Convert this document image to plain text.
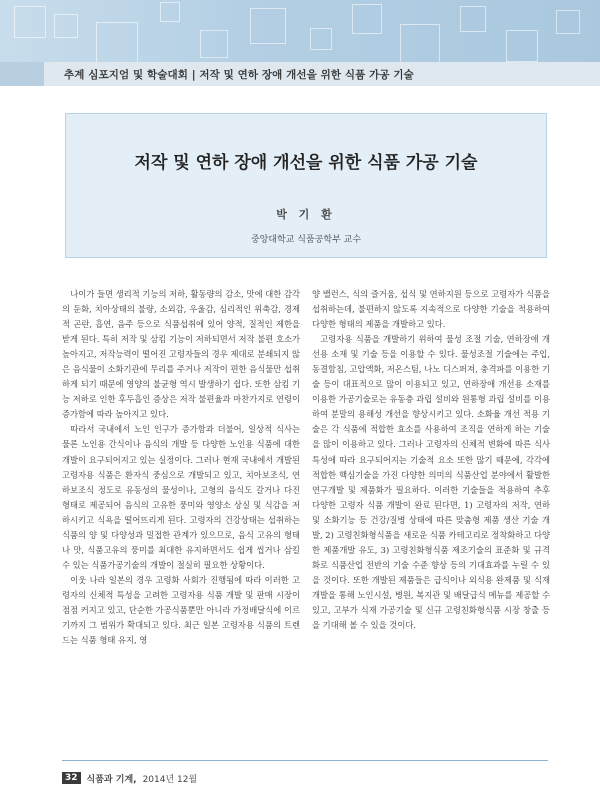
추계 심포지엄 및 학술대회 | 저작 및 연하 장애 개선을 위한 식품 가공 기술
저작 및 연하 장애 개선을 위한 식품 가공 기술
박 기 환
중앙대학교 식품공학부 교수

나이가 들면 생리적 기능의 저하, 활동량의 감소, 맛에 대한 감각의 둔화, 치아상태의 불량, 소외감, 우울감, 심리적인 위축감, 경제적 곤란, 흡연, 음주 등으로 식품섭취에 있어 양적, 질적인 제한을 받게 된다. 특히 저작 및 삼킴 기능이 저하되면서 저작 불편 호소가 높아지고, 저작능력이 떨어진 고령자들의 경우 제대로 분쇄되지 않은 음식물이 소화기관에 무리를 주거나 저작이 편한 음식물만 섭취하게 되기 때문에 영양의 불균형 역시 발생하기 쉽다. 또한 삼킴 기능 저하로 인한 후두흡인 증상은 저작 불편율과 마찬가지로 연령이 증가함에 따라 높아지고 있다.

따라서 국내에서 노인 인구가 증가함과 더불어, 일상적 식사는 물론 노인용 간식이나 음식의 개발 등 다양한 노인용 식품에 대한 개발이 요구되어지고 있는 실정이다. 그러나 현재 국내에서 개발된 고령자용 식품은 환자식 중심으로 개발되고 있고, 치아보조식, 연하보조식 정도로 유동성의 물성이나, 고형의 음식도 갈거나 다진 형태로 제공되어 음식의 고유한 풍미와 영양소 상실 및 식감을 저하시키고 식욕을 떨어뜨리게 된다. 고령자의 건강상태는 섭취하는 식품의 양 및 다양성과 밀접한 관계가 있으므로, 음식 고유의 형태나 맛, 식품고유의 풍미를 최대한 유지하면서도 쉽게 씹거나 삼킬 수 있는 식품가공기술의 개발이 절실히 필요한 상황이다.

이웃 나라 일본의 경우 고령화 사회가 진행됨에 따라 이러한 고령자의 신체적 특성을 고려한 고령자용 식품 개발 및 판매 시장이 점점 커지고 있고, 단순한 가공식품뿐만 아니라 가정배달식에 이르기까지 그 범위가 확대되고 있다. 최근 일본 고령자용 식품의 트렌드는 식품 형태 유지, 영

양 밸런스, 식의 즐거움, 섭식 및 연하지원 등으로 고령자가 식품을 섭취하는데, 불편하지 않도록 지속적으로 다양한 기술을 적용하여 다양한 형태의 제품을 개발하고 있다.

고령자용 식품을 개발하기 위하여 물성 조절 기술, 연하장애 개선용 소재 및 기술 등을 이용할 수 있다. 물성조절 기술에는 주입, 동결함침, 고압액화, 저온스팀, 나노 디스퍼져, 충격파를 이용한 기술 등이 대표적으로 많이 이용되고 있고, 연하장애 개선용 소재를 이용한 가공기술로는 유동층 과립 설비와 원통형 과립 설비를 이용하여 분말의 용해성 개선을 향상시키고 있다. 소화율 개선 적용 기술은 각 식품에 적합한 효소를 사용하여 조직을 연하게 하는 기술을 많이 이용하고 있다. 그러나 고령자의 신체적 변화에 따른 식사 특성에 따라 요구되어지는 기술적 요소 또한 많기 때문에, 각각에 적합한 핵심기술을 가진 다양한 의미의 식품산업 분야에서 활발한 연구개발 및 제품화가 필요하다. 이러한 기술들을 적용하여 추후 다양한 고령자 식품 개발이 완료 된다면, 1) 고령자의 저작, 연하 및 소화기능 등 건강/질병 상태에 따른 맞춤형 제품 생산 기술 개발, 2) 고령친화형식품을 새로운 식품 카테고리로 정착화하고 다양한 제품개발 유도, 3) 고령친화형식품 제조기술의 표준화 및 규격화로 식품산업 전반의 기술 수준 향상 등의 기대효과를 누릴 수 있을 것이다. 또한 개발된 제품들은 급식이나 외식용 완제품 및 식재 개발을 통해 노인시설, 병원, 복지관 및 배달급식 메뉴를 제공할 수 있고, 고부가 식재 가공기술 및 신규 고령친화형식품 시장 창출 등을 기대해 볼 수 있을 것이다.

32	식품과 기계, 2014년 12월
